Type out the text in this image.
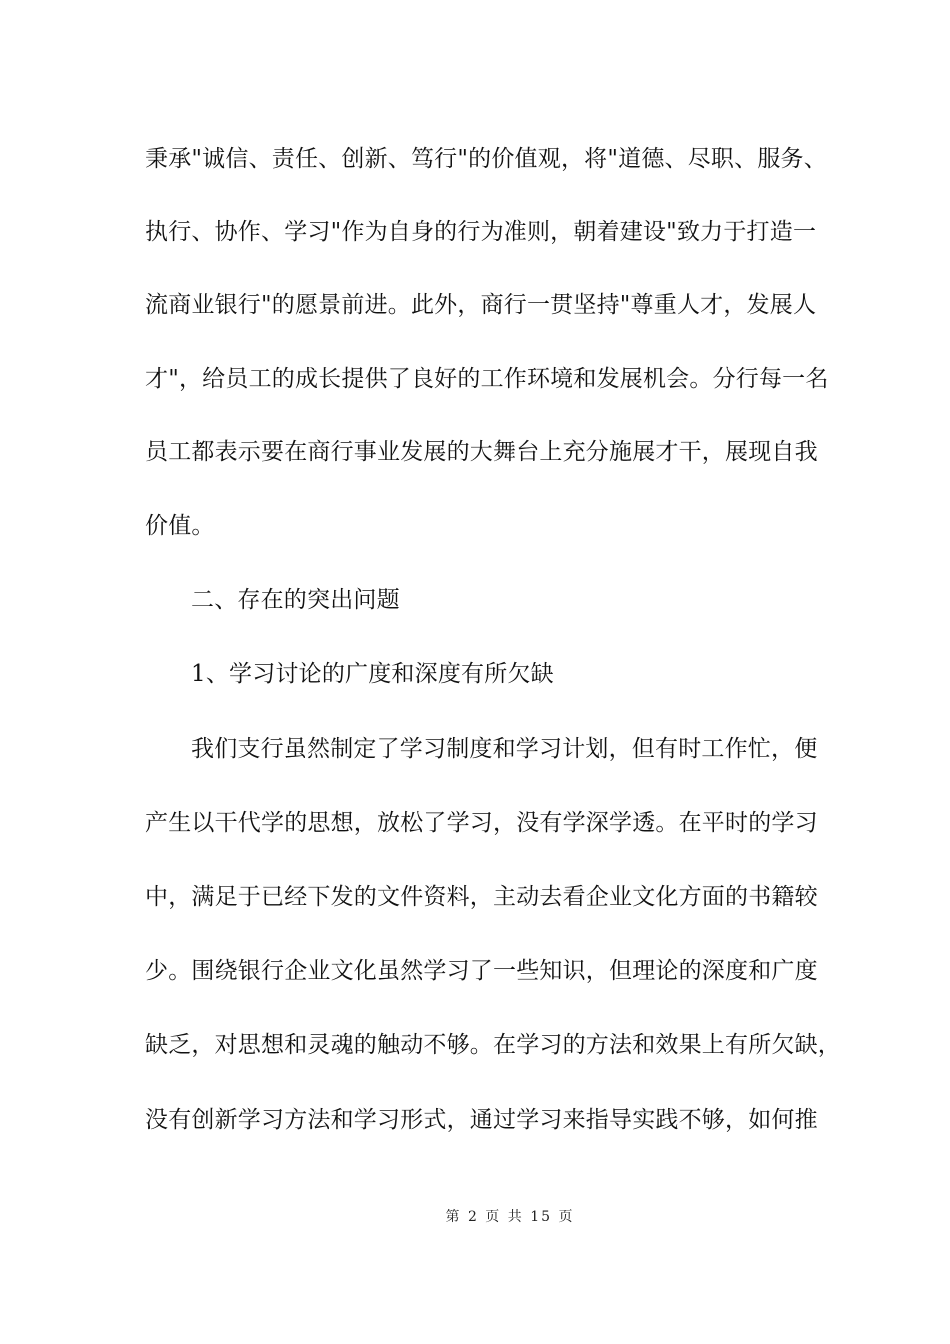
秉承"诚信、责任、创新、笃行"的价值观，将"道德、尽职、服务、
执行、协作、学习"作为自身的行为准则，朝着建设"致力于打造一
流商业银行"的愿景前进。此外，商行一贯坚持"尊重人才，发展人
才"，给员工的成长提供了良好的工作环境和发展机会。分行每一名
员工都表示要在商行事业发展的大舞台上充分施展才干，展现自我
价值。
二、存在的突出问题
1、学习讨论的广度和深度有所欠缺
我们支行虽然制定了学习制度和学习计划，但有时工作忙，便
产生以干代学的思想，放松了学习，没有学深学透。在平时的学习
中，满足于已经下发的文件资料，主动去看企业文化方面的书籍较
少。围绕银行企业文化虽然学习了一些知识，但理论的深度和广度
缺乏，对思想和灵魂的触动不够。在学习的方法和效果上有所欠缺，
没有创新学习方法和学习形式，通过学习来指导实践不够，如何推
第 2 页 共 15 页
